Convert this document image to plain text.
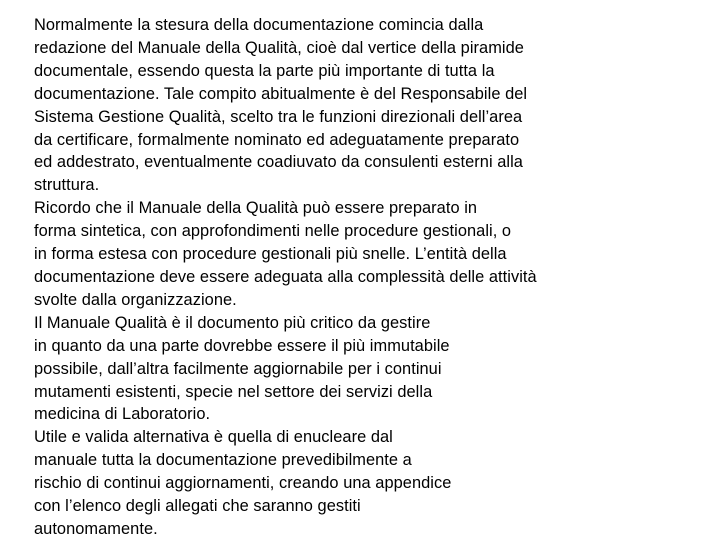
Normalmente la stesura della documentazione comincia dalla
redazione del Manuale della Qualità, cioè dal vertice della piramide
documentale, essendo questa la parte più importante di tutta la
documentazione. Tale compito abitualmente è del Responsabile del
Sistema Gestione Qualità, scelto tra le funzioni direzionali dell’area
da certificare, formalmente nominato ed adeguatamente preparato
ed addestrato, eventualmente coadiuvato da consulenti esterni alla
struttura.
Ricordo che il Manuale della Qualità può essere preparato in
forma sintetica, con approfondimenti nelle procedure gestionali, o
in forma estesa con procedure gestionali più snelle. L’entità della
documentazione deve essere adeguata alla complessità delle attività
svolte dalla organizzazione.
Il Manuale Qualità è il documento più critico da gestire
in quanto da una parte dovrebbe essere il più immutabile
possibile, dall’altra facilmente aggiornabile per i continui
mutamenti esistenti, specie nel settore dei servizi della
medicina di Laboratorio.
Utile e valida alternativa è quella di enucleare dal
manuale tutta la documentazione prevedibilmente a
rischio di continui aggiornamenti, creando una appendice
con l’elenco degli allegati che saranno gestiti
autonomamente.
